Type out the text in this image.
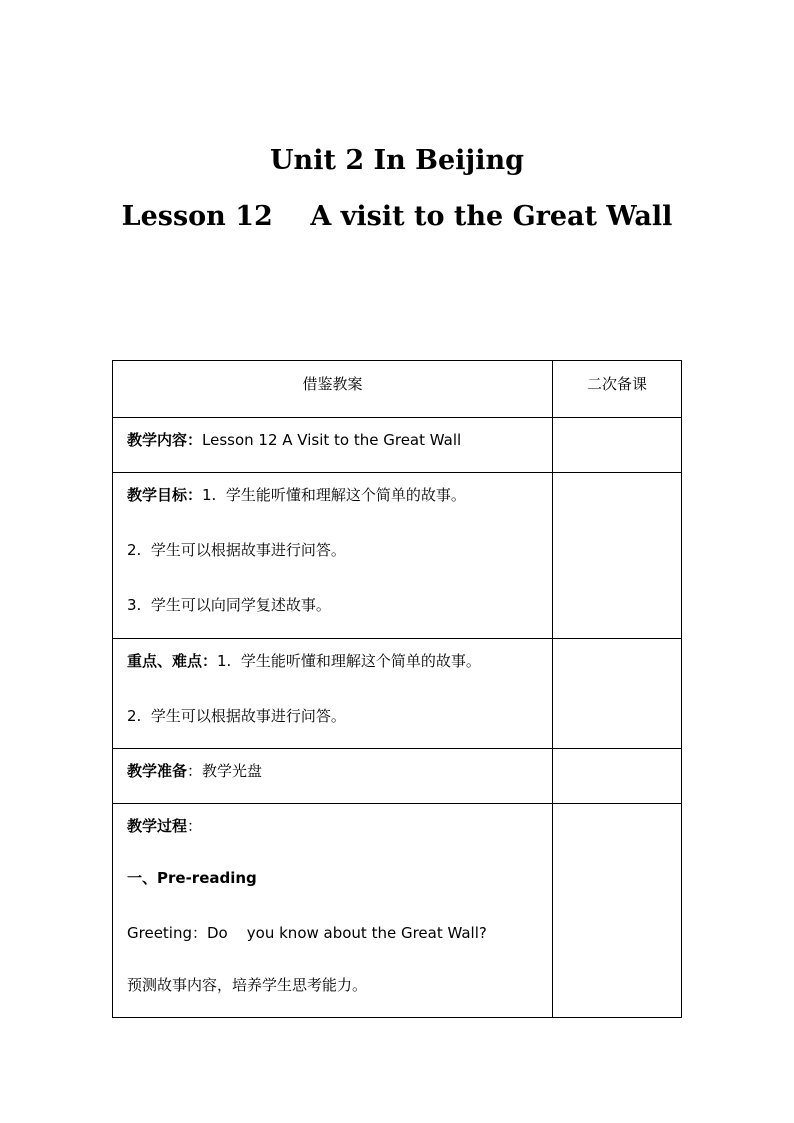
Unit 2 In Beijing
Lesson 12    A visit to the Great Wall
借鉴教案	二次备课

教学内容：Lesson 12 A Visit to the Great Wall	

教学目标：1.  学生能听懂和理解这个简单的故事。
2.  学生可以根据故事进行问答。
3.  学生可以向同学复述故事。	

重点、难点：1.  学生能听懂和理解这个简单的故事。
2.  学生可以根据故事进行问答。	

教学准备：教学光盘	

教学过程：
一、Pre-reading
Greeting：Do    you know about the Great Wall?
预测故事内容，培养学生思考能力。	
